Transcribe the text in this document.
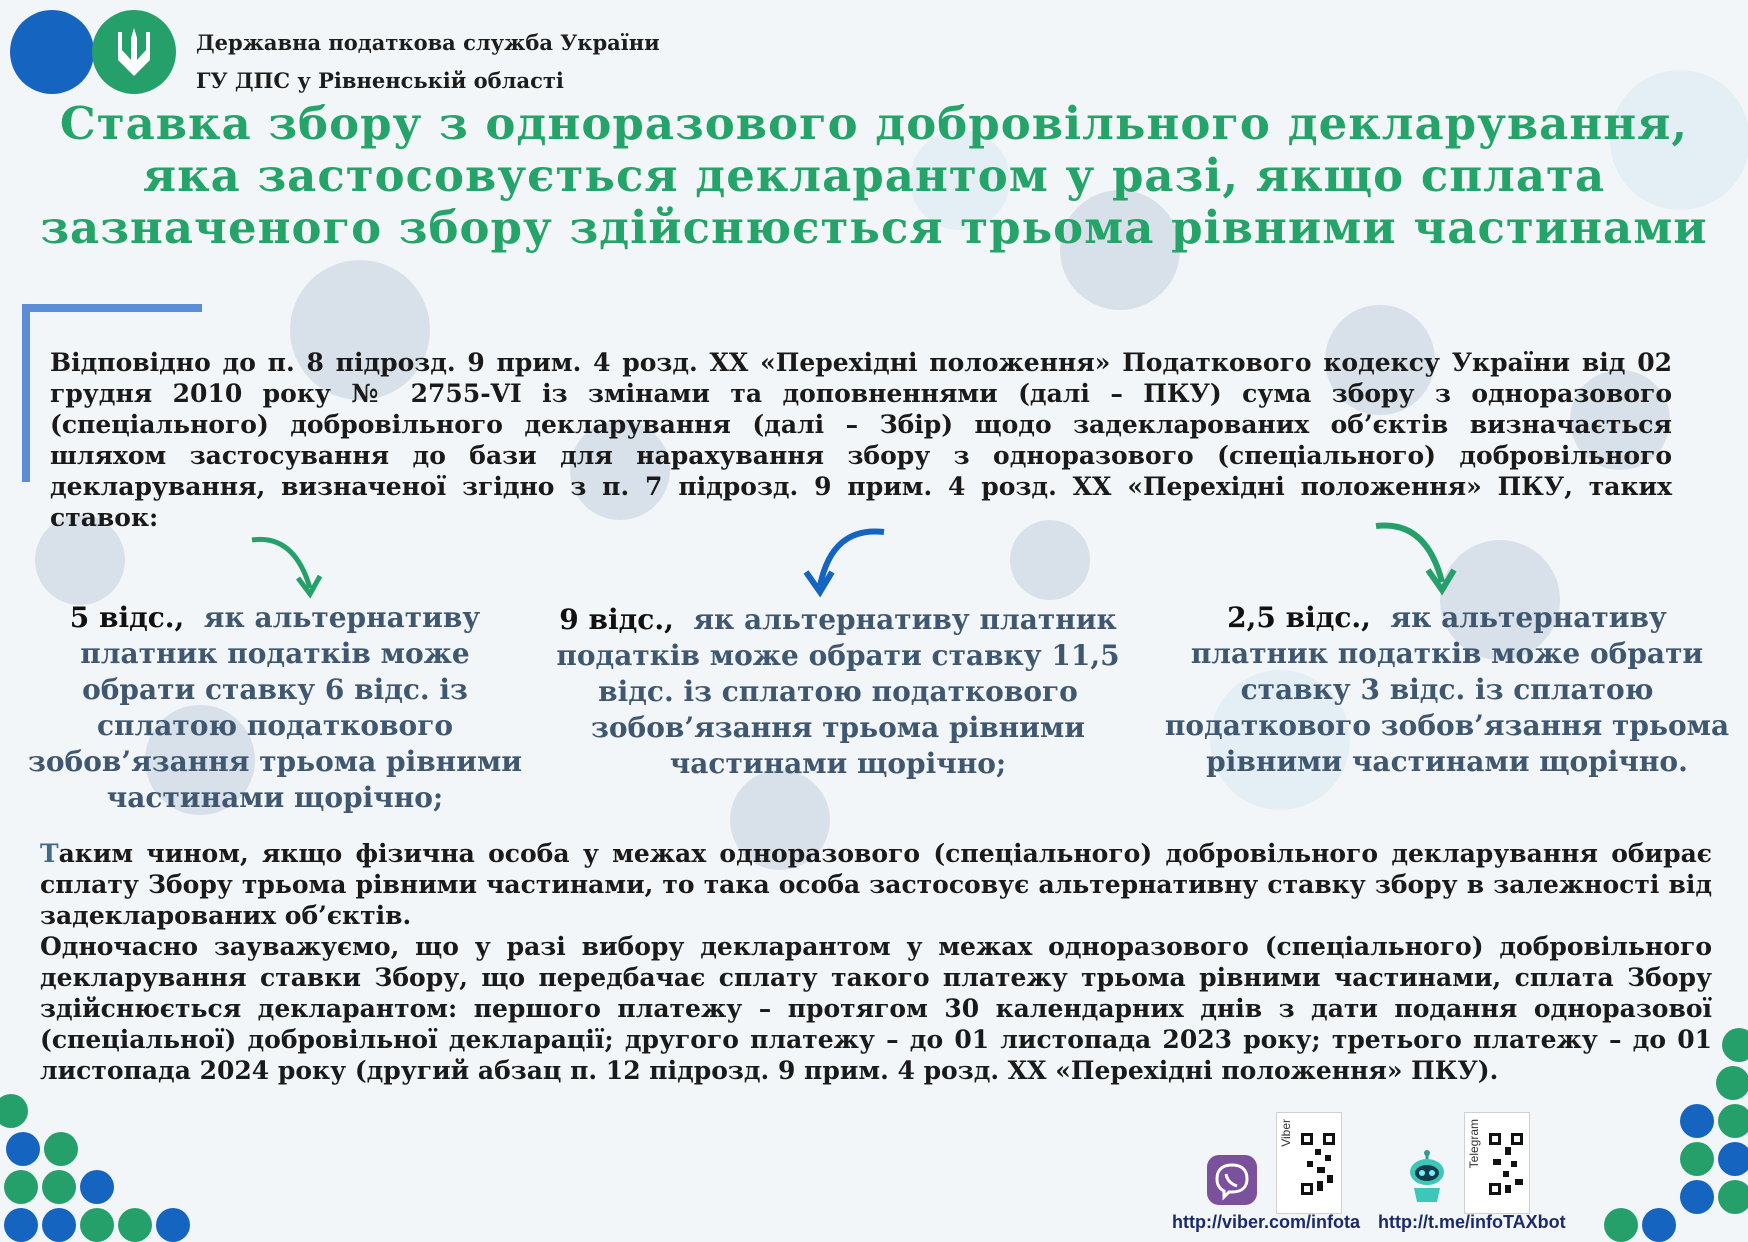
Державна податкова служба України
ГУ ДПС у Рівненській області
Ставка збору з одноразового добровільного декларування, яка застосовується декларантом у разі, якщо сплата зазначеного збору здійснюється трьома рівними частинами
Відповідно до п. 8 підрозд. 9 прим. 4 розд. XX «Перехідні положення» Податкового кодексу України від 02 грудня 2010 року № 2755-VI із змінами та доповненнями (далі – ПКУ) сума збору з одноразового (спеціального) добровільного декларування (далі – Збір) щодо задекларованих об’єктів визначається шляхом застосування до бази для нарахування збору з одноразового (спеціального) добровільного декларування, визначеної згідно з п. 7 підрозд. 9 прим. 4 розд. XX «Перехідні положення» ПКУ, таких ставок:
5 відс., як альтернативу платник податків може обрати ставку 6 відс. із сплатою податкового зобов’язання трьома рівними частинами щорічно;
9 відс., як альтернативу платник податків може обрати ставку 11,5 відс. із сплатою податкового зобов’язання трьома рівними частинами щорічно;
2,5 відс., як альтернативу платник податків може обрати ставку 3 відс. із сплатою податкового зобов’язання трьома рівними частинами щорічно.

Таким чином, якщо фізична особа у межах одноразового (спеціального) добровільного декларування обирає сплату Збору трьома рівними частинами, то така особа застосовує альтернативну ставку збору в залежності від задекларованих об’єктів.

Одночасно зауважуємо, що у разі вибору декларантом у межах одноразового (спеціального) добровільного декларування ставки Збору, що передбачає сплату такого платежу трьома рівними частинами, сплата Збору здійснюється декларантом: першого платежу – протягом 30 календарних днів з дати подання одноразової (спеціальної) добровільної декларації; другого платежу – до 01 листопада 2023 року; третього платежу – до 01 листопада 2024 року (другий абзац п. 12 підрозд. 9 прим. 4 розд. XX «Перехідні положення» ПКУ).

Viber	Telegram
http://viber.com/infota http://t.me/infoTAXbot
